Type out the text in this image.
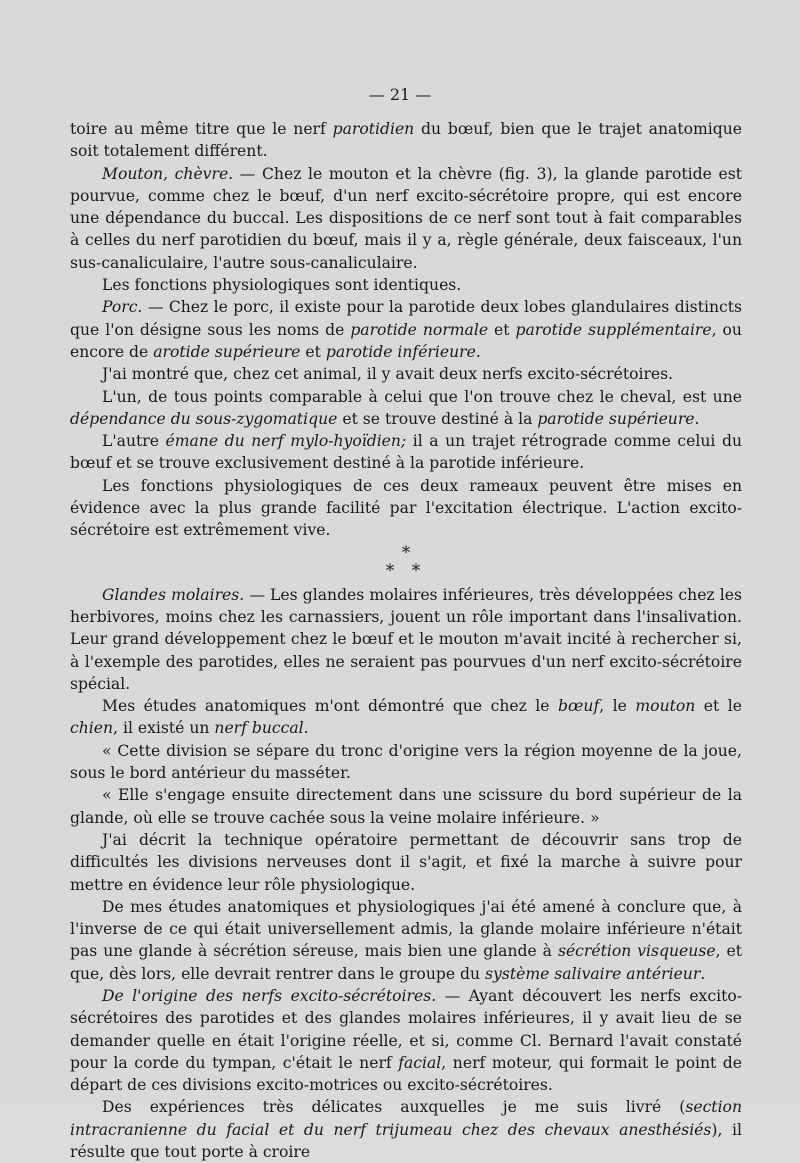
— 21 —

toire au même titre que le nerf parotidien du bœuf, bien que le trajet anatomique soit totalement différent.

Mouton, chèvre. — Chez le mouton et la chèvre (fig. 3), la glande parotide est pourvue, comme chez le bœuf, d'un nerf excito-sécrétoire propre, qui est encore une dépendance du buccal. Les dispositions de ce nerf sont tout à fait comparables à celles du nerf parotidien du bœuf, mais il y a, règle générale, deux faisceaux, l'un sus-canaliculaire, l'autre sous-canaliculaire.

Les fonctions physiologiques sont identiques.

Porc. — Chez le porc, il existe pour la parotide deux lobes glandulaires distincts que l'on désigne sous les noms de parotide normale et parotide supplémentaire, ou encore de arotide supérieure et parotide inférieure.

J'ai montré que, chez cet animal, il y avait deux nerfs excito-sécrétoires.

L'un, de tous points comparable à celui que l'on trouve chez le cheval, est une dépendance du sous-zygomatique et se trouve destiné à la parotide supérieure.

L'autre émane du nerf mylo-hyoïdien; il a un trajet rétrograde comme celui du bœuf et se trouve exclusivement destiné à la parotide inférieure.

Les fonctions physiologiques de ces deux rameaux peuvent être mises en évidence avec la plus grande facilité par l'excitation électrique. L'action excito-sécrétoire est extrêmement vive.

*
* *

Glandes molaires. — Les glandes molaires inférieures, très développées chez les herbivores, moins chez les carnassiers, jouent un rôle important dans l'insalivation. Leur grand développement chez le bœuf et le mouton m'avait incité à rechercher si, à l'exemple des parotides, elles ne seraient pas pourvues d'un nerf excito-sécrétoire spécial.

Mes études anatomiques m'ont démontré que chez le bœuf, le mouton et le chien, il existé un nerf buccal.

« Cette division se sépare du tronc d'origine vers la région moyenne de la joue, sous le bord antérieur du masséter.

« Elle s'engage ensuite directement dans une scissure du bord supérieur de la glande, où elle se trouve cachée sous la veine molaire inférieure. »

J'ai décrit la technique opératoire permettant de découvrir sans trop de difficultés les divisions nerveuses dont il s'agit, et fixé la marche à suivre pour mettre en évidence leur rôle physiologique.

De mes études anatomiques et physiologiques j'ai été amené à conclure que, à l'inverse de ce qui était universellement admis, la glande molaire inférieure n'était pas une glande à sécrétion séreuse, mais bien une glande à sécrétion visqueuse, et que, dès lors, elle devrait rentrer dans le groupe du système salivaire antérieur.

De l'origine des nerfs excito-sécrétoires. — Ayant découvert les nerfs excito-sécrétoires des parotides et des glandes molaires inférieures, il y avait lieu de se demander quelle en était l'origine réelle, et si, comme Cl. Bernard l'avait constaté pour la corde du tympan, c'était le nerf facial, nerf moteur, qui formait le point de départ de ces divisions excito-motrices ou excito-sécrétoires.

Des expériences très délicates auxquelles je me suis livré (section intracranienne du facial et du nerf trijumeau chez des chevaux anesthésiés), il résulte que tout porte à croire
